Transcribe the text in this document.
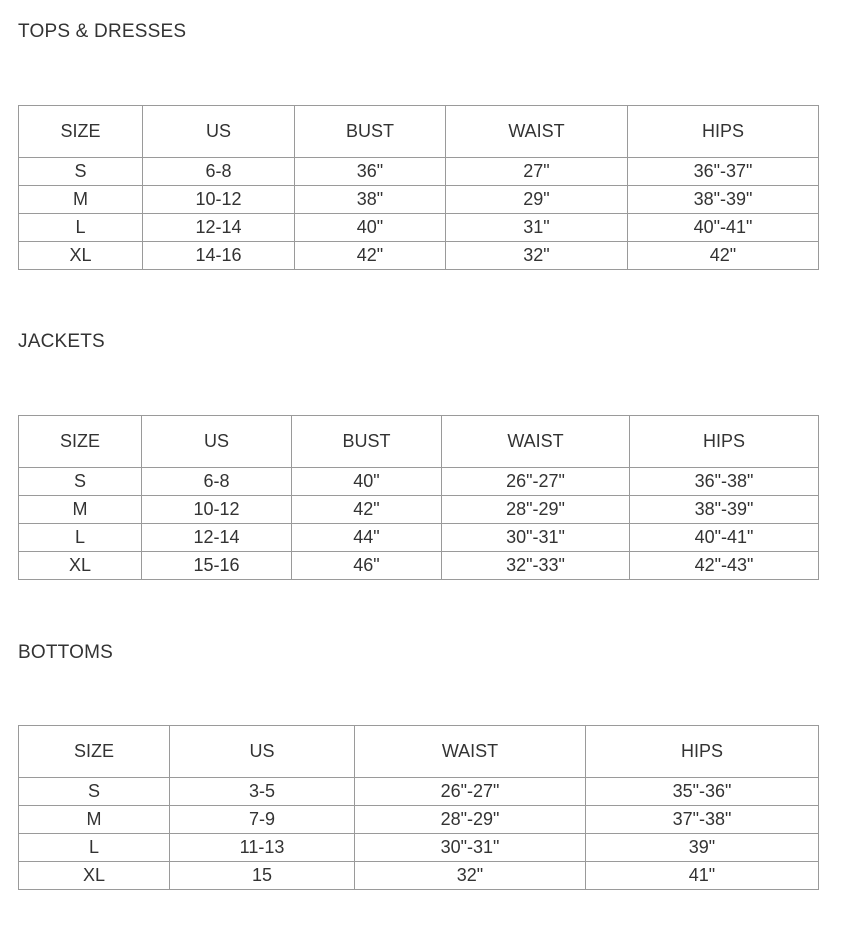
TOPS & DRESSES
SIZE	US	BUST	WAIST	HIPS
S	6-8	36"	27"	36"-37"
M	10-12	38"	29"	38"-39"
L	12-14	40"	31"	40"-41"
XL	14-16	42"	32"	42"
JACKETS
SIZE	US	BUST	WAIST	HIPS
S	6-8	40"	26"-27"	36"-38"
M	10-12	42"	28"-29"	38"-39"
L	12-14	44"	30"-31"	40"-41"
XL	15-16	46"	32"-33"	42"-43"
BOTTOMS
SIZE	US	WAIST	HIPS
S	3-5	26"-27"	35"-36"
M	7-9	28"-29"	37"-38"
L	11-13	30"-31"	39"
XL	15	32"	41"
